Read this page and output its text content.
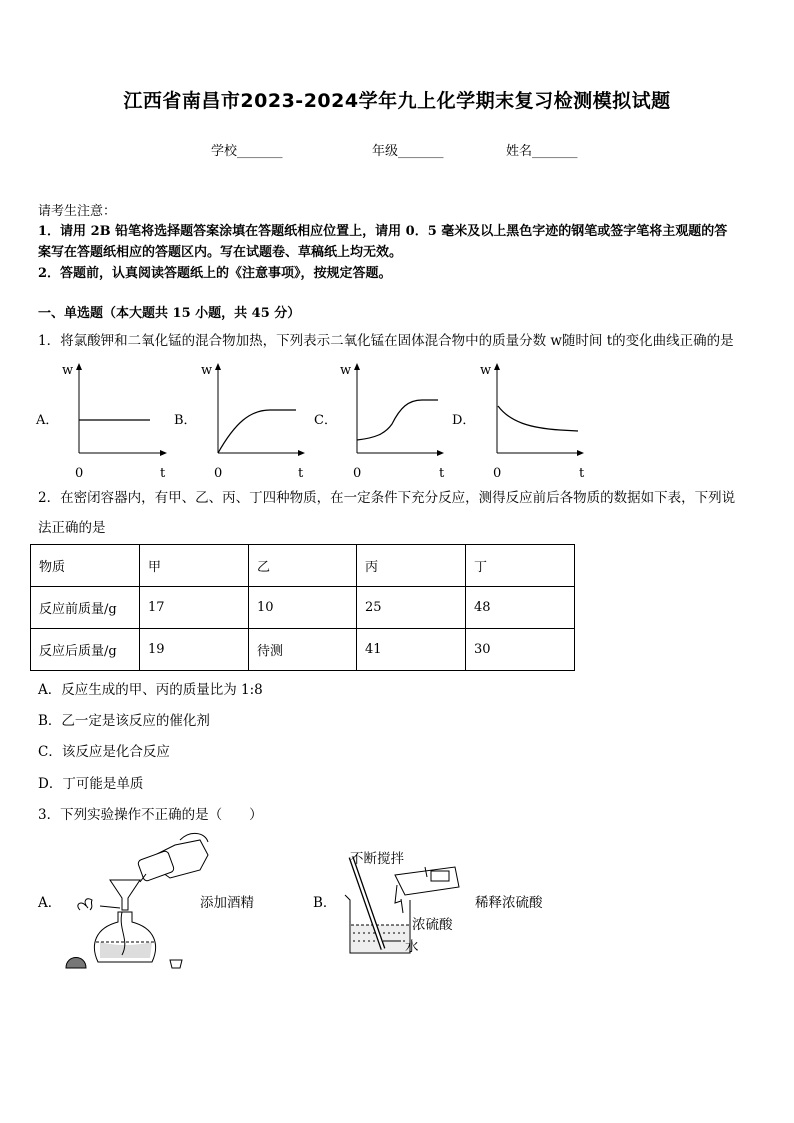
江西省南昌市2023-2024学年九上化学期末复习检测模拟试题
学校_______	年级_______	姓名_______
请考生注意：
1．请用 2B 铅笔将选择题答案涂填在答题纸相应位置上，请用 0．5 毫米及以上黑色字迹的钢笔或签字笔将主观题的答
案写在答题纸相应的答题区内。写在试题卷、草稿纸上均无效。
2．答题前，认真阅读答题纸上的《注意事项》，按规定答题。
一、单选题（本大题共 15 小题，共 45 分）
1．将氯酸钾和二氧化锰的混合物加热，下列表示二氧化锰在固体混合物中的质量分数 w随时间 t的变化曲线正确的是
A．
w
0	t
B．
w
0	t
C．
w
0	t
D．
w
0	t
2．在密闭容器内，有甲、乙、丙、丁四种物质，在一定条件下充分反应，测得反应前后各物质的数据如下表，下列说
法正确的是
物质	甲	乙	丙	丁
反应前质量/g	17	10	25	48
反应后质量/g	19	待测	41	30
A．反应生成的甲、丙的质量比为 1:8
B．乙一定是该反应的催化剂
C．该反应是化合反应
D．丁可能是单质
3．下列实验操作不正确的是（　　）
A．	添加酒精	B．
不断搅拌
浓硫酸
水
稀释浓硫酸
